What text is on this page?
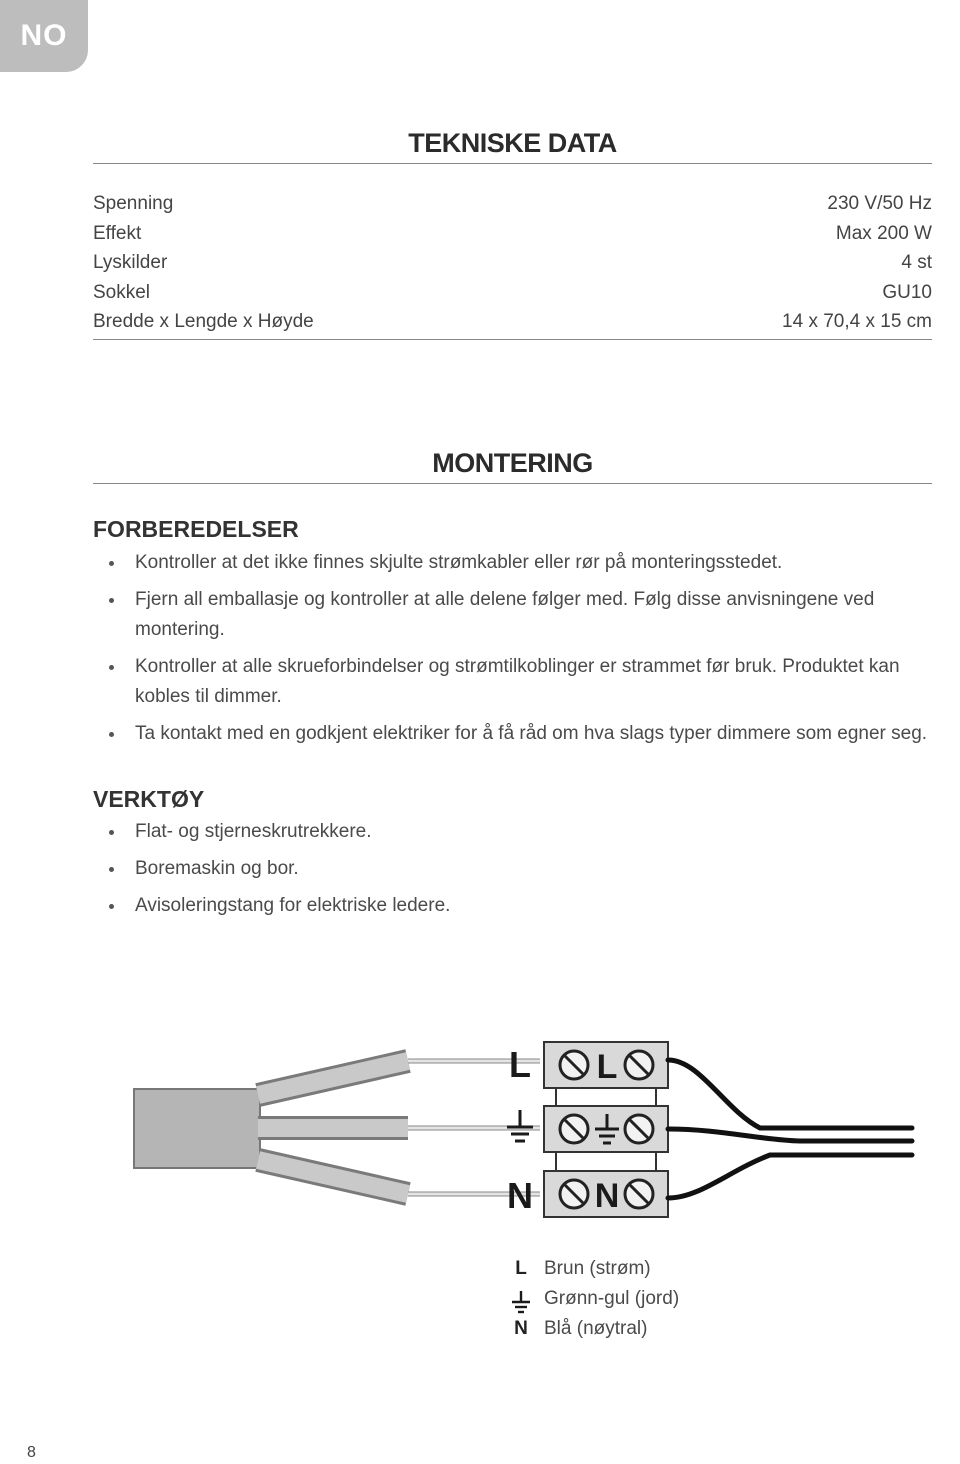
NO
TEKNISKE DATA
Spenning	230 V/50 Hz
Effekt	Max 200 W
Lyskilder	4 st
Sokkel	GU10
Bredde x Lengde x Høyde	14 x 70,4 x 15 cm
MONTERING
FORBEREDELSER
Kontroller at det ikke finnes skjulte strømkabler eller rør på monteringsstedet.
Fjern all emballasje og kontroller at alle delene følger med. Følg disse anvisningene ved montering.
Kontroller at alle skrueforbindelser og strømtilkoblinger er strammet før bruk. Produktet kan kobles til dimmer.
Ta kontakt med en godkjent elektriker for å få råd om hva slags typer dimmere som egner seg.
VERKTØY
Flat- og stjerneskrutrekkere.
Boremaskin og bor.
Avisoleringstang for elektriske ledere.
L
N
L
N
L Brun (strøm)
Grønn-gul (jord)
N Blå (nøytral)
8
